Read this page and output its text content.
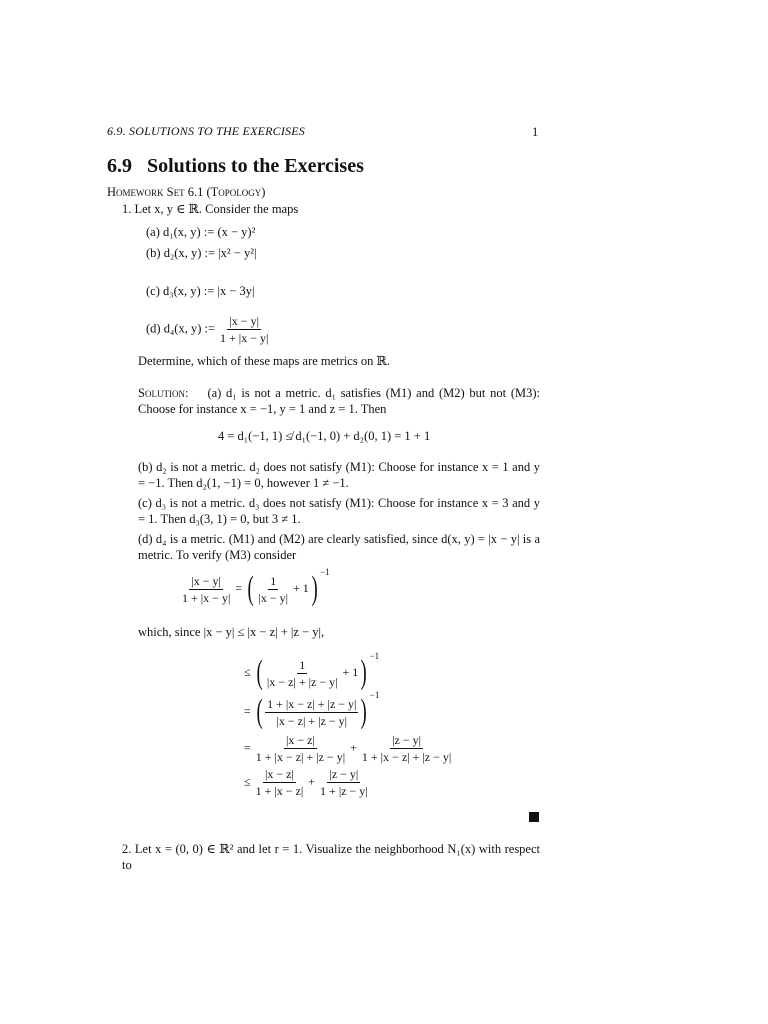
6.9. SOLUTIONS TO THE EXERCISES	1
6.9 Solutions to the Exercises
Homework Set 6.1 (Topology)
1. Let x, y ∈ ℝ. Consider the maps
(a) d₁(x, y) := (x − y)²
(b) d₂(x, y) := |x² − y²|
(c) d₃(x, y) := |x − 3y|
(d) d₄(x, y) := $\frac{|x - y|}{1 + |x - y|}$
Determine, which of these maps are metrics on ℝ.
Solution: (a) d₁ is not a metric. d₁ satisfies (M1) and (M2) but not (M3): Choose for instance x = −1, y = 1 and z = 1. Then
4 = d₁(−1, 1) ≰ d₁(−1, 0) + d₂(0, 1) = 1 + 1
(b) d₂ is not a metric. d₂ does not satisfy (M1): Choose for instance x = 1 and y = −1. Then d₂(1, −1) = 0, however 1 ≠ −1.
(c) d₃ is not a metric. d₃ does not satisfy (M1): Choose for instance x = 3 and y = 1. Then d₃(3, 1) = 0, but 3 ≠ 1.
(d) d₄ is a metric. (M1) and (M2) are clearly satisfied, since d(x, y) = |x − y| is a metric. To verify (M3) consider
$\frac{|x - y|}{1 + |x - y|}$ = ( $\frac{1}{|x - y|} + 1$) $^{-1}$
which, since |x − y| ≤ |x − z| + |z − y|,
≤ ( $\frac{1}{|x - z| + |z - y|} + 1$) $^{-1}$
= ( $\frac{1 + |x - z| + |z - y|}{|x - z| + |z - y|}$ ) $^{-1}$
= $\frac{|x - z|}{1 + |x - z| + |z - y|} + \frac{|z - y|}{1 + |x - z| + |z - y|}$
≤ $\frac{|x - z|}{1 + |x - z|} + \frac{|z - y|}{1 + |z - y|}$
2. Let x = (0, 0) ∈ ℝ² and let r = 1. Visualize the neighborhood N₁(x) with respect to
